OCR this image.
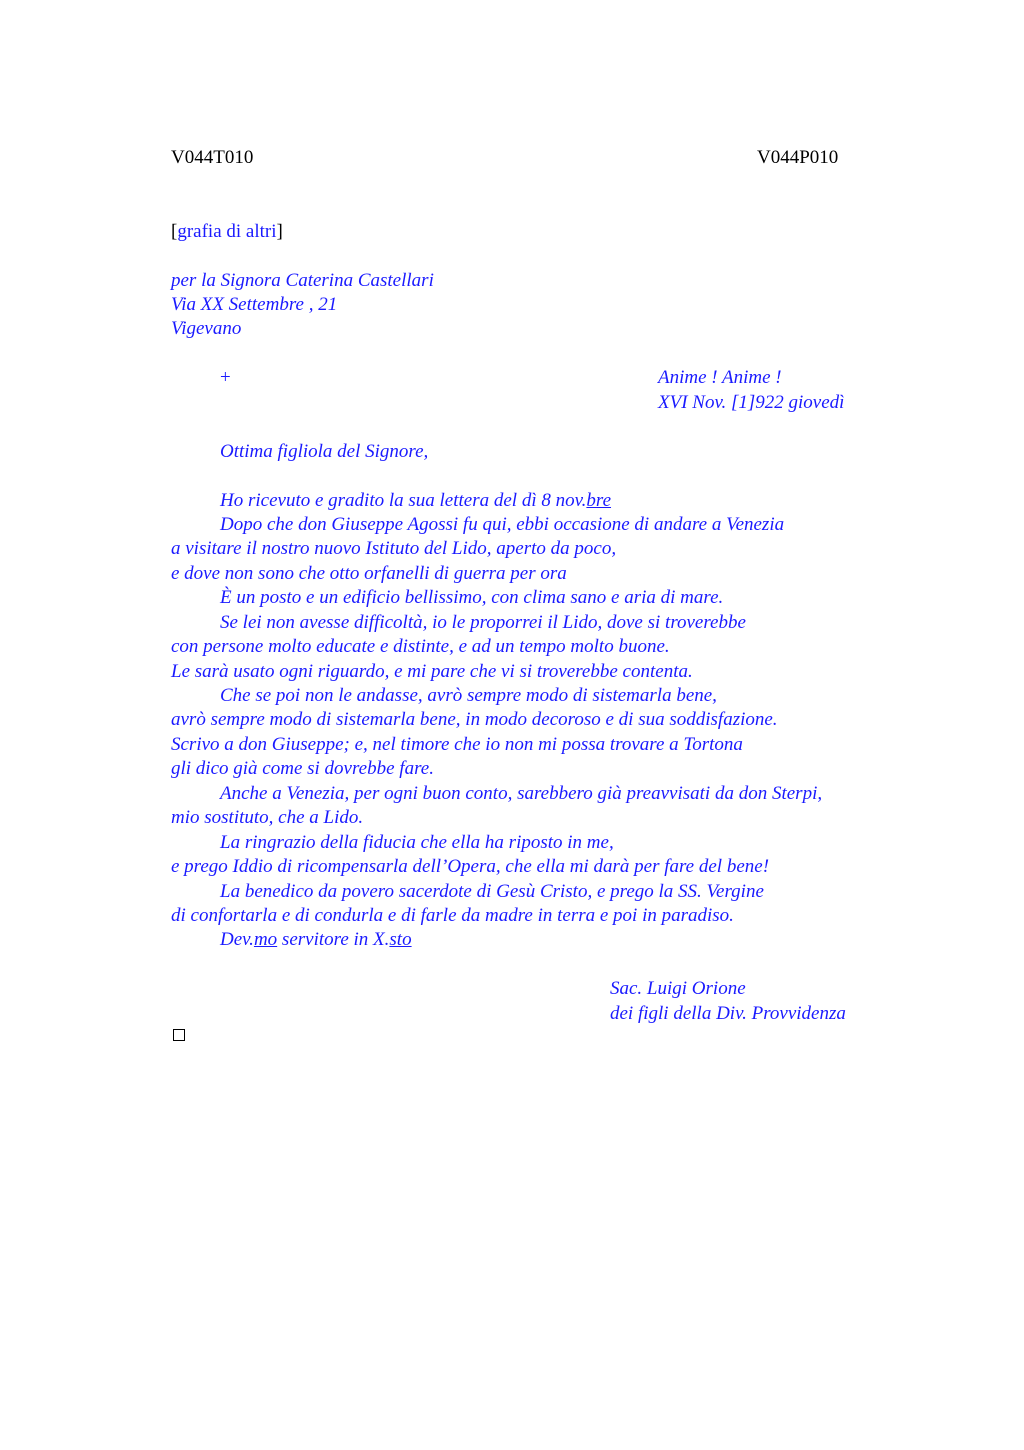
V044T010	V044P010
[grafia di altri]
per la Signora Caterina Castellari
Via XX Settembre , 21
Vigevano
+	Anime ! Anime !
XVI Nov. [1]922 giovedì
Ottima figliola del Signore,
Ho ricevuto e gradito la sua lettera del dì 8 nov.bre
Dopo che don Giuseppe Agossi fu qui, ebbi occasione di andare a Venezia
a visitare il nostro nuovo Istituto del Lido, aperto da poco,
e dove non sono che otto orfanelli di guerra per ora
È un posto e un edificio bellissimo, con clima sano e aria di mare.
Se lei non avesse difficoltà, io le proporrei il Lido, dove si troverebbe
con persone molto educate e distinte, e ad un tempo molto buone.
Le sarà usato ogni riguardo, e mi pare che vi si troverebbe contenta.
Che se poi non le andasse, avrò sempre modo di sistemarla bene,
avrò sempre modo di sistemarla bene, in modo decoroso e di sua soddisfazione.
Scrivo a don Giuseppe; e, nel timore che io non mi possa trovare a Tortona
gli dico già come si dovrebbe fare.
Anche a Venezia, per ogni buon conto, sarebbero già preavvisati da don Sterpi,
mio sostituto, che a Lido.
La ringrazio della fiducia che ella ha riposto in me,
e prego Iddio di ricompensarla dell’Opera, che ella mi darà per fare del bene!
La benedico da povero sacerdote di Gesù Cristo, e prego la SS. Vergine
di confortarla e di condurla e di farle da madre in terra e poi in paradiso.
Dev.mo servitore in X.sto
Sac. Luigi Orione
dei figli della Div. Provvidenza
